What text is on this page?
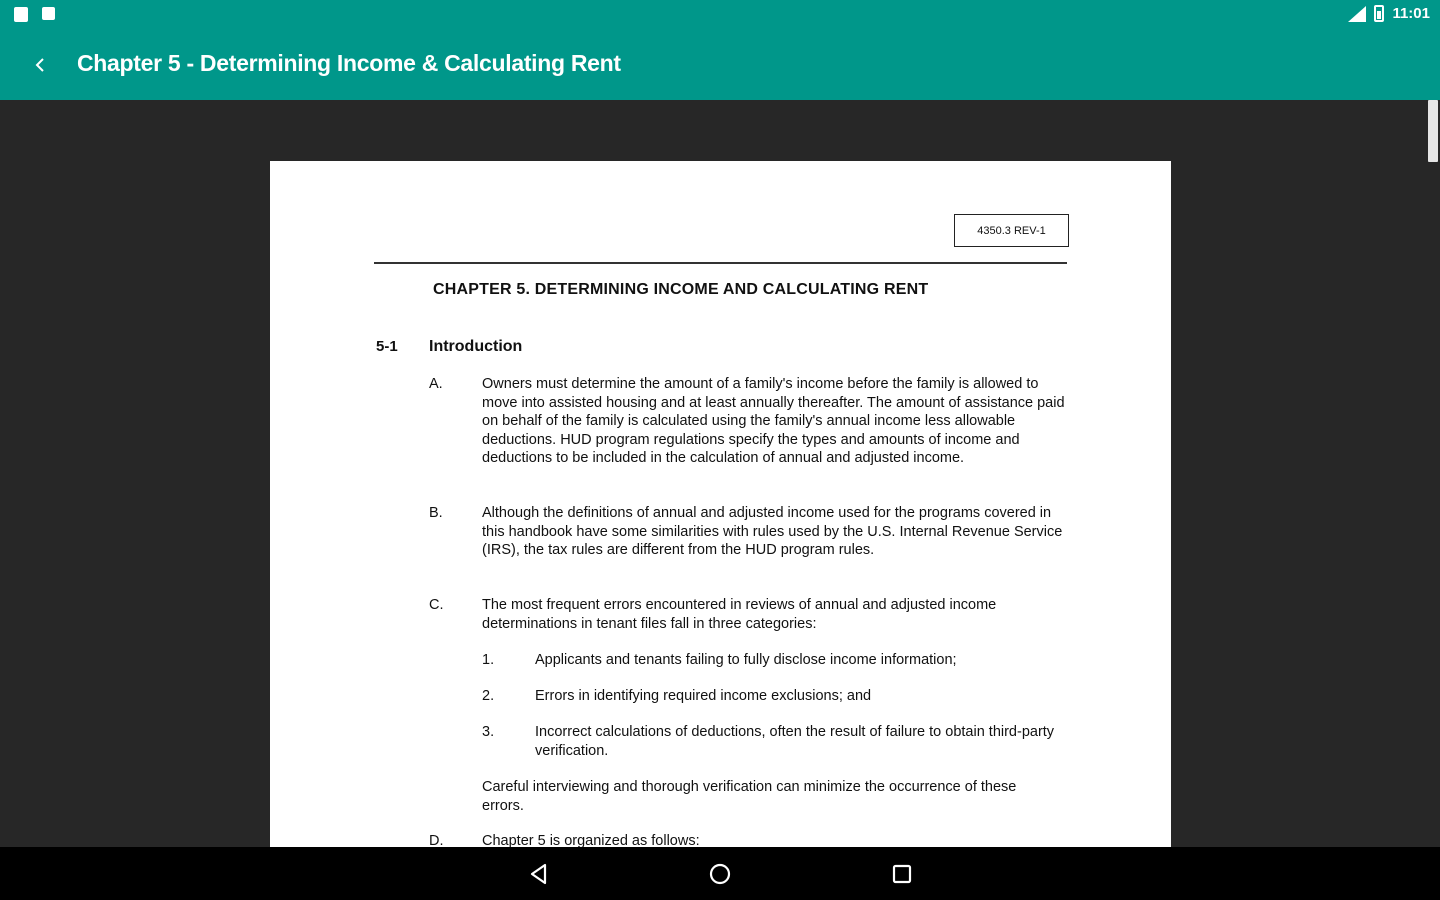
11:01
Chapter 5 - Determining Income & Calculating Rent
4350.3 REV-1
CHAPTER 5. DETERMINING INCOME AND CALCULATING RENT
5-1 Introduction
A.	Owners must determine the amount of a family's income before the family is allowed to move into assisted housing and at least annually thereafter. The amount of assistance paid on behalf of the family is calculated using the family's annual income less allowable deductions. HUD program regulations specify the types and amounts of income and deductions to be included in the calculation of annual and adjusted income.
B.	Although the definitions of annual and adjusted income used for the programs covered in this handbook have some similarities with rules used by the U.S. Internal Revenue Service (IRS), the tax rules are different from the HUD program rules.
C.	The most frequent errors encountered in reviews of annual and adjusted income determinations in tenant files fall in three categories:
1.	Applicants and tenants failing to fully disclose income information;
2.	Errors in identifying required income exclusions; and
3.	Incorrect calculations of deductions, often the result of failure to obtain third-party verification.
Careful interviewing and thorough verification can minimize the occurrence of these errors.
D.	Chapter 5 is organized as follows:
